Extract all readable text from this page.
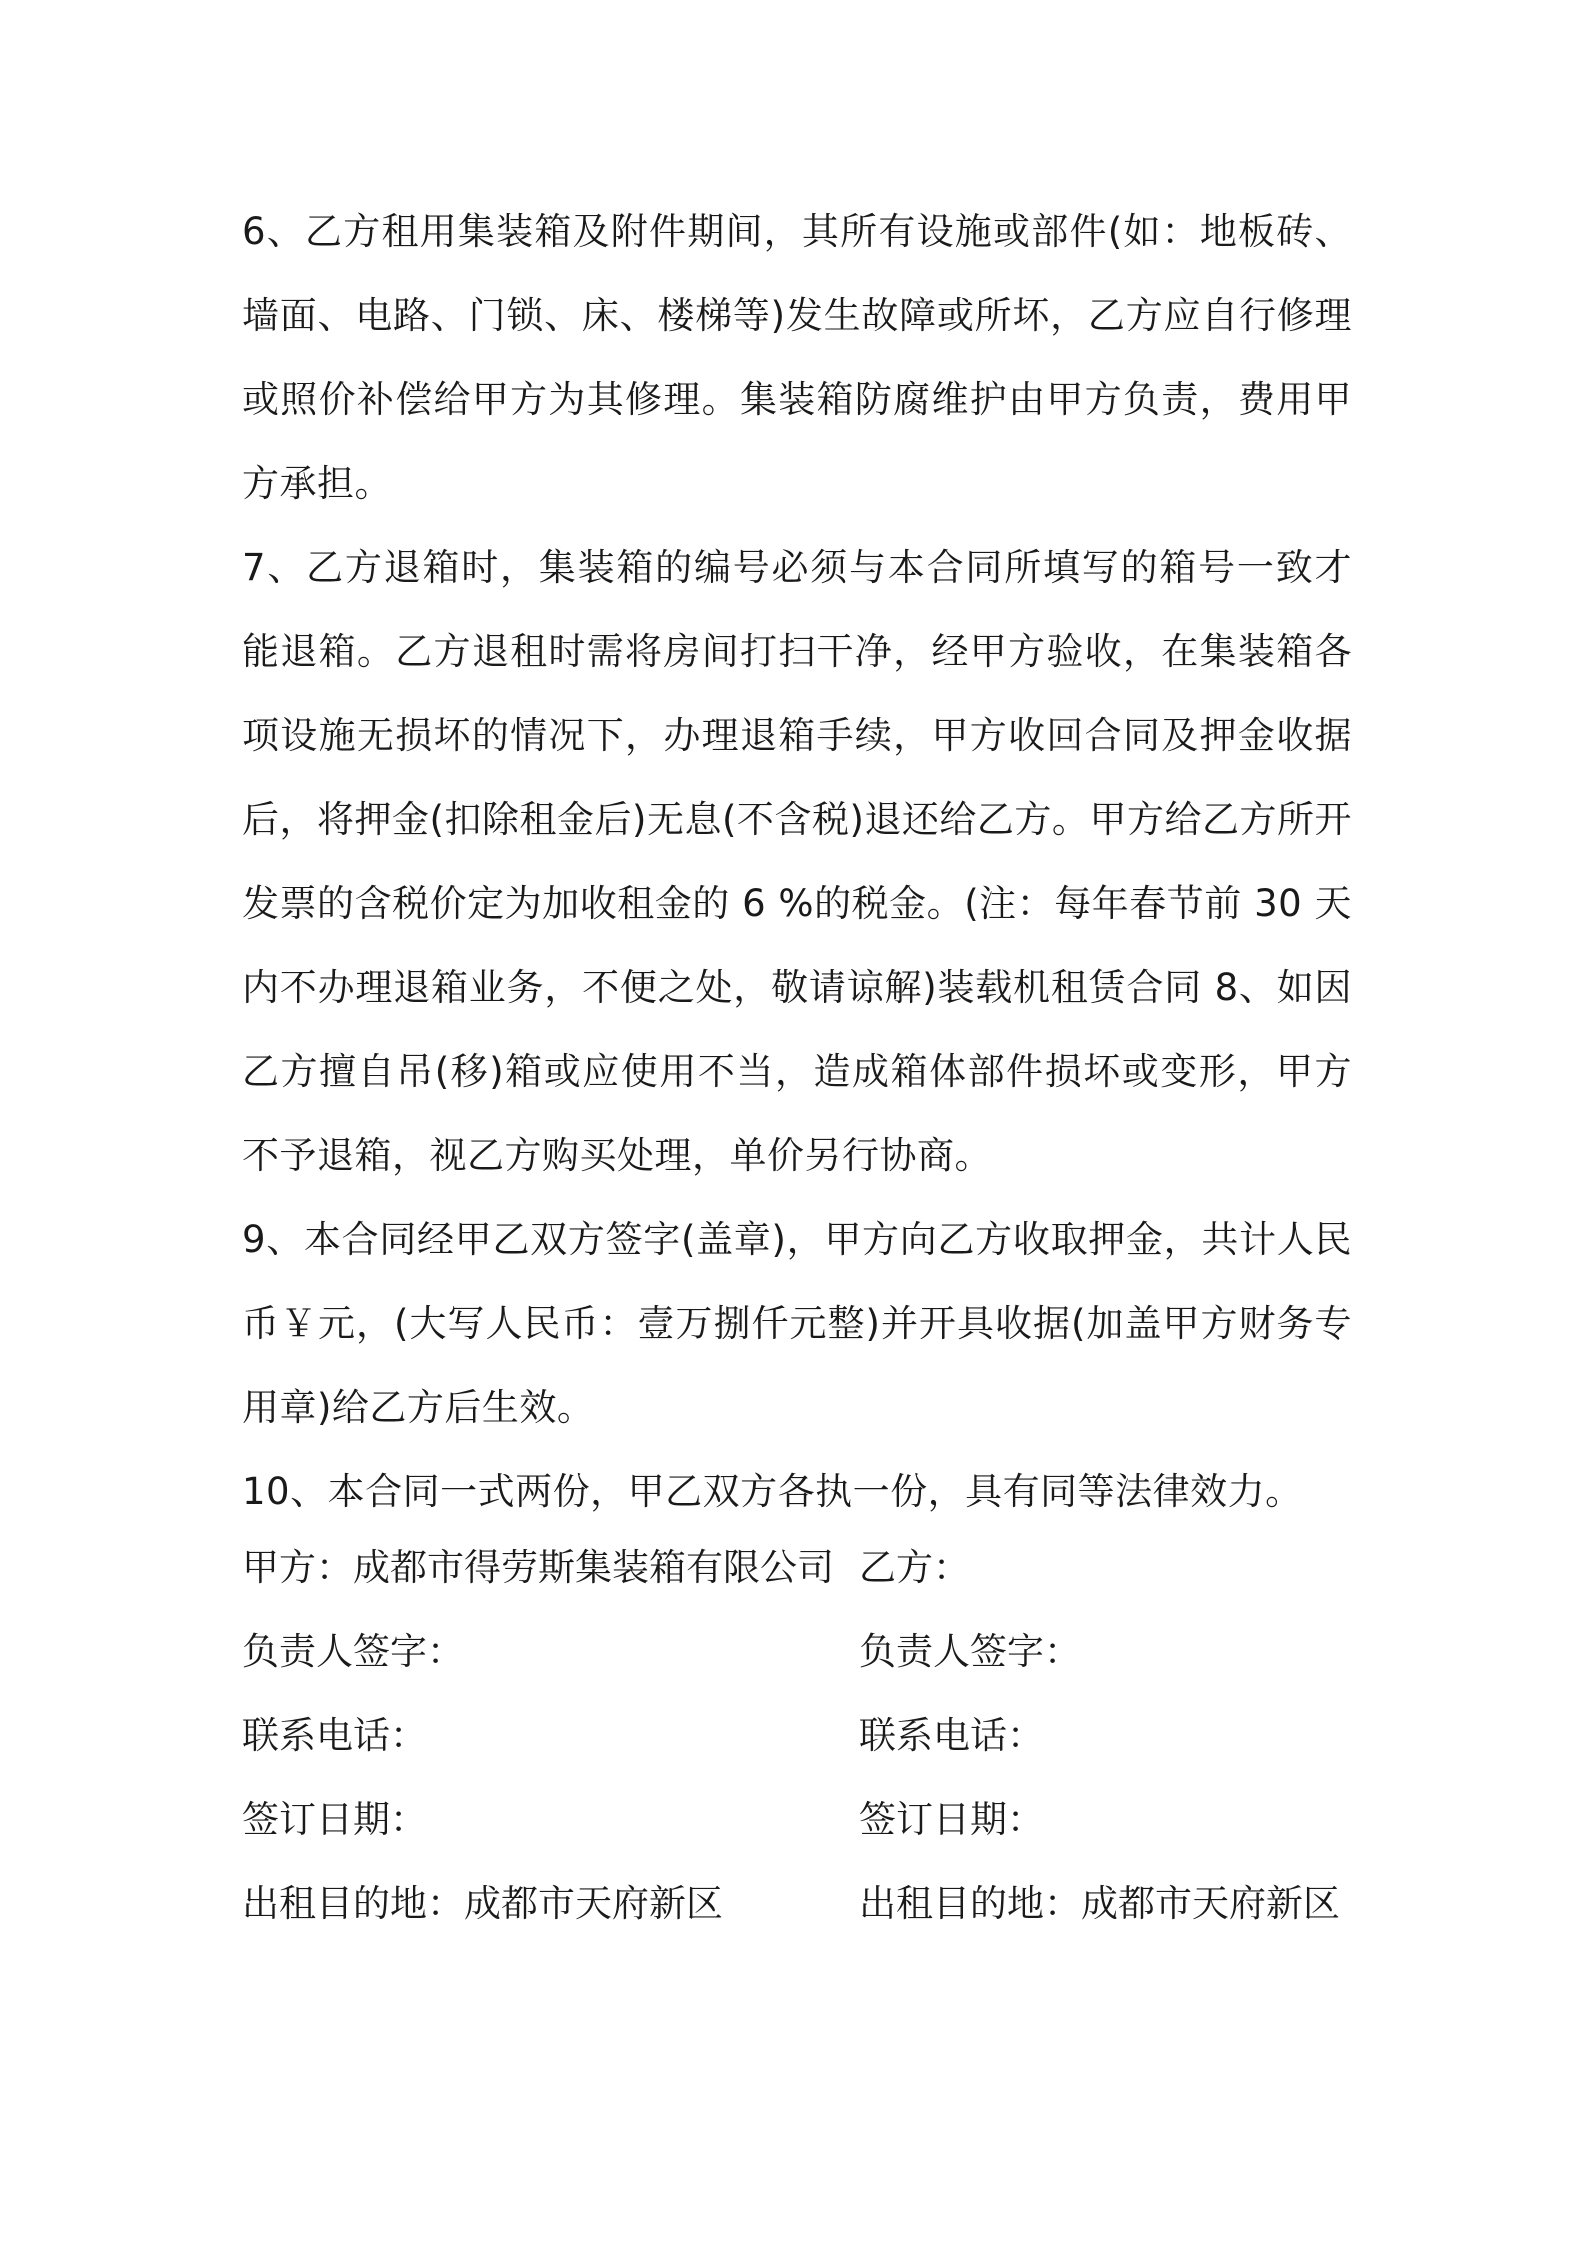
6、乙方租用集装箱及附件期间，其所有设施或部件(如：地板砖、墙面、电路、门锁、床、楼梯等)发生故障或所坏，乙方应自行修理或照价补偿给甲方为其修理。集装箱防腐维护由甲方负责，费用甲方承担。

7、乙方退箱时，集装箱的编号必须与本合同所填写的箱号一致才能退箱。乙方退租时需将房间打扫干净，经甲方验收，在集装箱各项设施无损坏的情况下，办理退箱手续，甲方收回合同及押金收据后，将押金(扣除租金后)无息(不含税)退还给乙方。甲方给乙方所开发票的含税价定为加收租金的 6 %的税金。(注：每年春节前 30 天内不办理退箱业务，不便之处，敬请谅解)装载机租赁合同 8、如因乙方擅自吊(移)箱或应使用不当，造成箱体部件损坏或变形，甲方不予退箱，视乙方购买处理，单价另行协商。

9、本合同经甲乙双方签字(盖章)，甲方向乙方收取押金，共计人民币￥元，(大写人民币：壹万捌仟元整)并开具收据(加盖甲方财务专用章)给乙方后生效。

10、本合同一式两份，甲乙双方各执一份，具有同等法律效力。

甲方：成都市得劳斯集装箱有限公司 乙方：
负责人签字：	负责人签字：
联系电话：	联系电话：
签订日期：	签订日期：
出租目的地：成都市天府新区	出租目的地：成都市天府新区
